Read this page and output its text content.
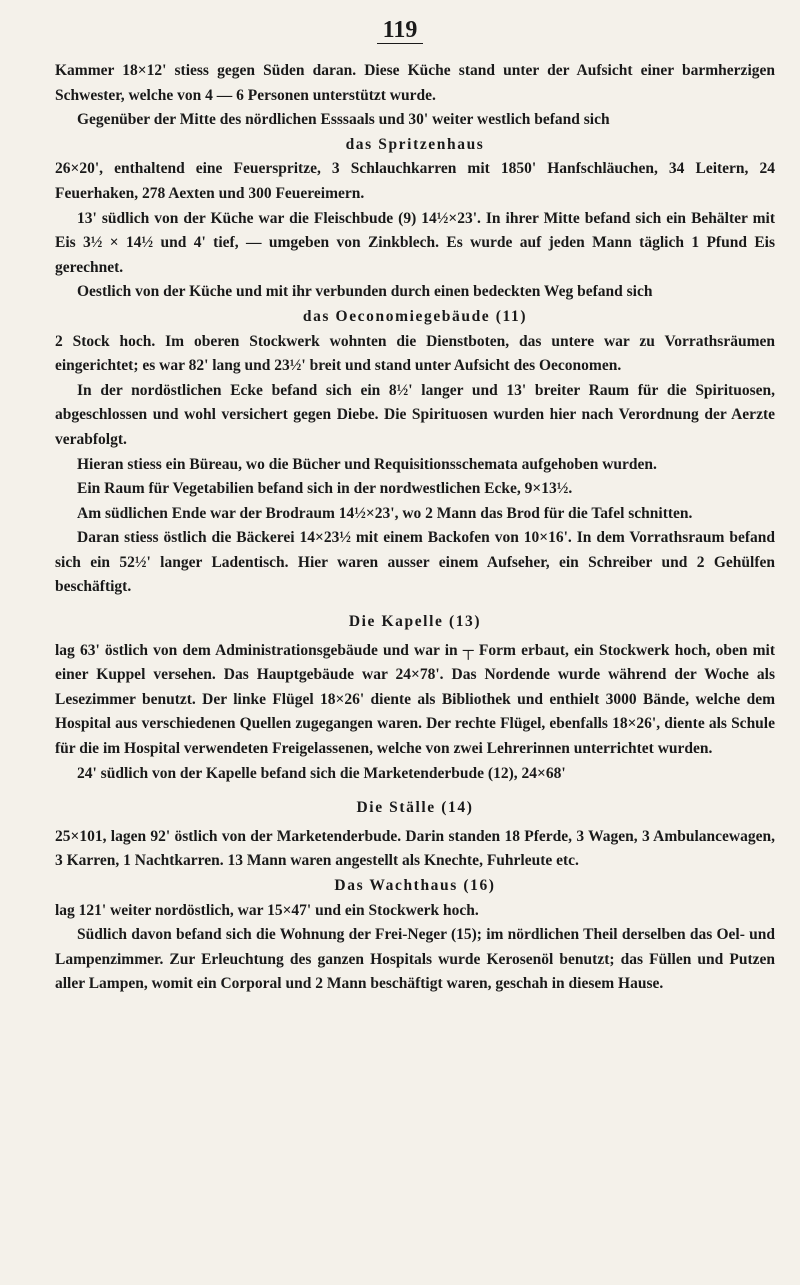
119

Kammer 18×12' stiess gegen Süden daran. Diese Küche stand unter der Aufsicht einer barmherzigen Schwester, welche von 4 — 6 Personen unterstützt wurde.

Gegenüber der Mitte des nördlichen Esssaals und 30' weiter westlich befand sich

das Spritzenhaus

26×20', enthaltend eine Feuerspritze, 3 Schlauchkarren mit 1850' Hanfschläuchen, 34 Leitern, 24 Feuerhaken, 278 Aexten und 300 Feuereimern.

13' südlich von der Küche war die Fleischbude (9) 14½×23'. In ihrer Mitte befand sich ein Behälter mit Eis 3½ × 14½ und 4' tief, — umgeben von Zinkblech. Es wurde auf jeden Mann täglich 1 Pfund Eis gerechnet.

Oestlich von der Küche und mit ihr verbunden durch einen bedeckten Weg befand sich

das Oeconomiegebäude (11)

2 Stock hoch. Im oberen Stockwerk wohnten die Dienstboten, das untere war zu Vorrathsräumen eingerichtet; es war 82' lang und 23½' breit und stand unter Aufsicht des Oeconomen.

In der nordöstlichen Ecke befand sich ein 8½' langer und 13' breiter Raum für die Spirituosen, abgeschlossen und wohl versichert gegen Diebe. Die Spirituosen wurden hier nach Verordnung der Aerzte verabfolgt.

Hieran stiess ein Büreau, wo die Bücher und Requisitionsschemata aufgehoben wurden.

Ein Raum für Vegetabilien befand sich in der nordwestlichen Ecke, 9×13½.

Am südlichen Ende war der Brodraum 14½×23', wo 2 Mann das Brod für die Tafel schnitten.

Daran stiess östlich die Bäckerei 14×23½ mit einem Backofen von 10×16'. In dem Vorrathsraum befand sich ein 52½' langer Ladentisch. Hier waren ausser einem Aufseher, ein Schreiber und 2 Gehülfen beschäftigt.

Die Kapelle (13)

lag 63' östlich von dem Administrationsgebäude und war in ┬ Form erbaut, ein Stockwerk hoch, oben mit einer Kuppel versehen. Das Hauptgebäude war 24×78'. Das Nordende wurde während der Woche als Lesezimmer benutzt. Der linke Flügel 18×26' diente als Bibliothek und enthielt 3000 Bände, welche dem Hospital aus verschiedenen Quellen zugegangen waren. Der rechte Flügel, ebenfalls 18×26', diente als Schule für die im Hospital verwendeten Freigelassenen, welche von zwei Lehrerinnen unterrichtet wurden.

24' südlich von der Kapelle befand sich die Marketenderbude (12), 24×68'

Die Ställe (14)

25×101, lagen 92' östlich von der Marketenderbude. Darin standen 18 Pferde, 3 Wagen, 3 Ambulancewagen, 3 Karren, 1 Nachtkarren. 13 Mann waren angestellt als Knechte, Fuhrleute etc.

Das Wachthaus (16)

lag 121' weiter nordöstlich, war 15×47' und ein Stockwerk hoch.

Südlich davon befand sich die Wohnung der Frei-Neger (15); im nördlichen Theil derselben das Oel- und Lampenzimmer. Zur Erleuchtung des ganzen Hospitals wurde Kerosenöl benutzt; das Füllen und Putzen aller Lampen, womit ein Corporal und 2 Mann beschäftigt waren, geschah in diesem Hause.
